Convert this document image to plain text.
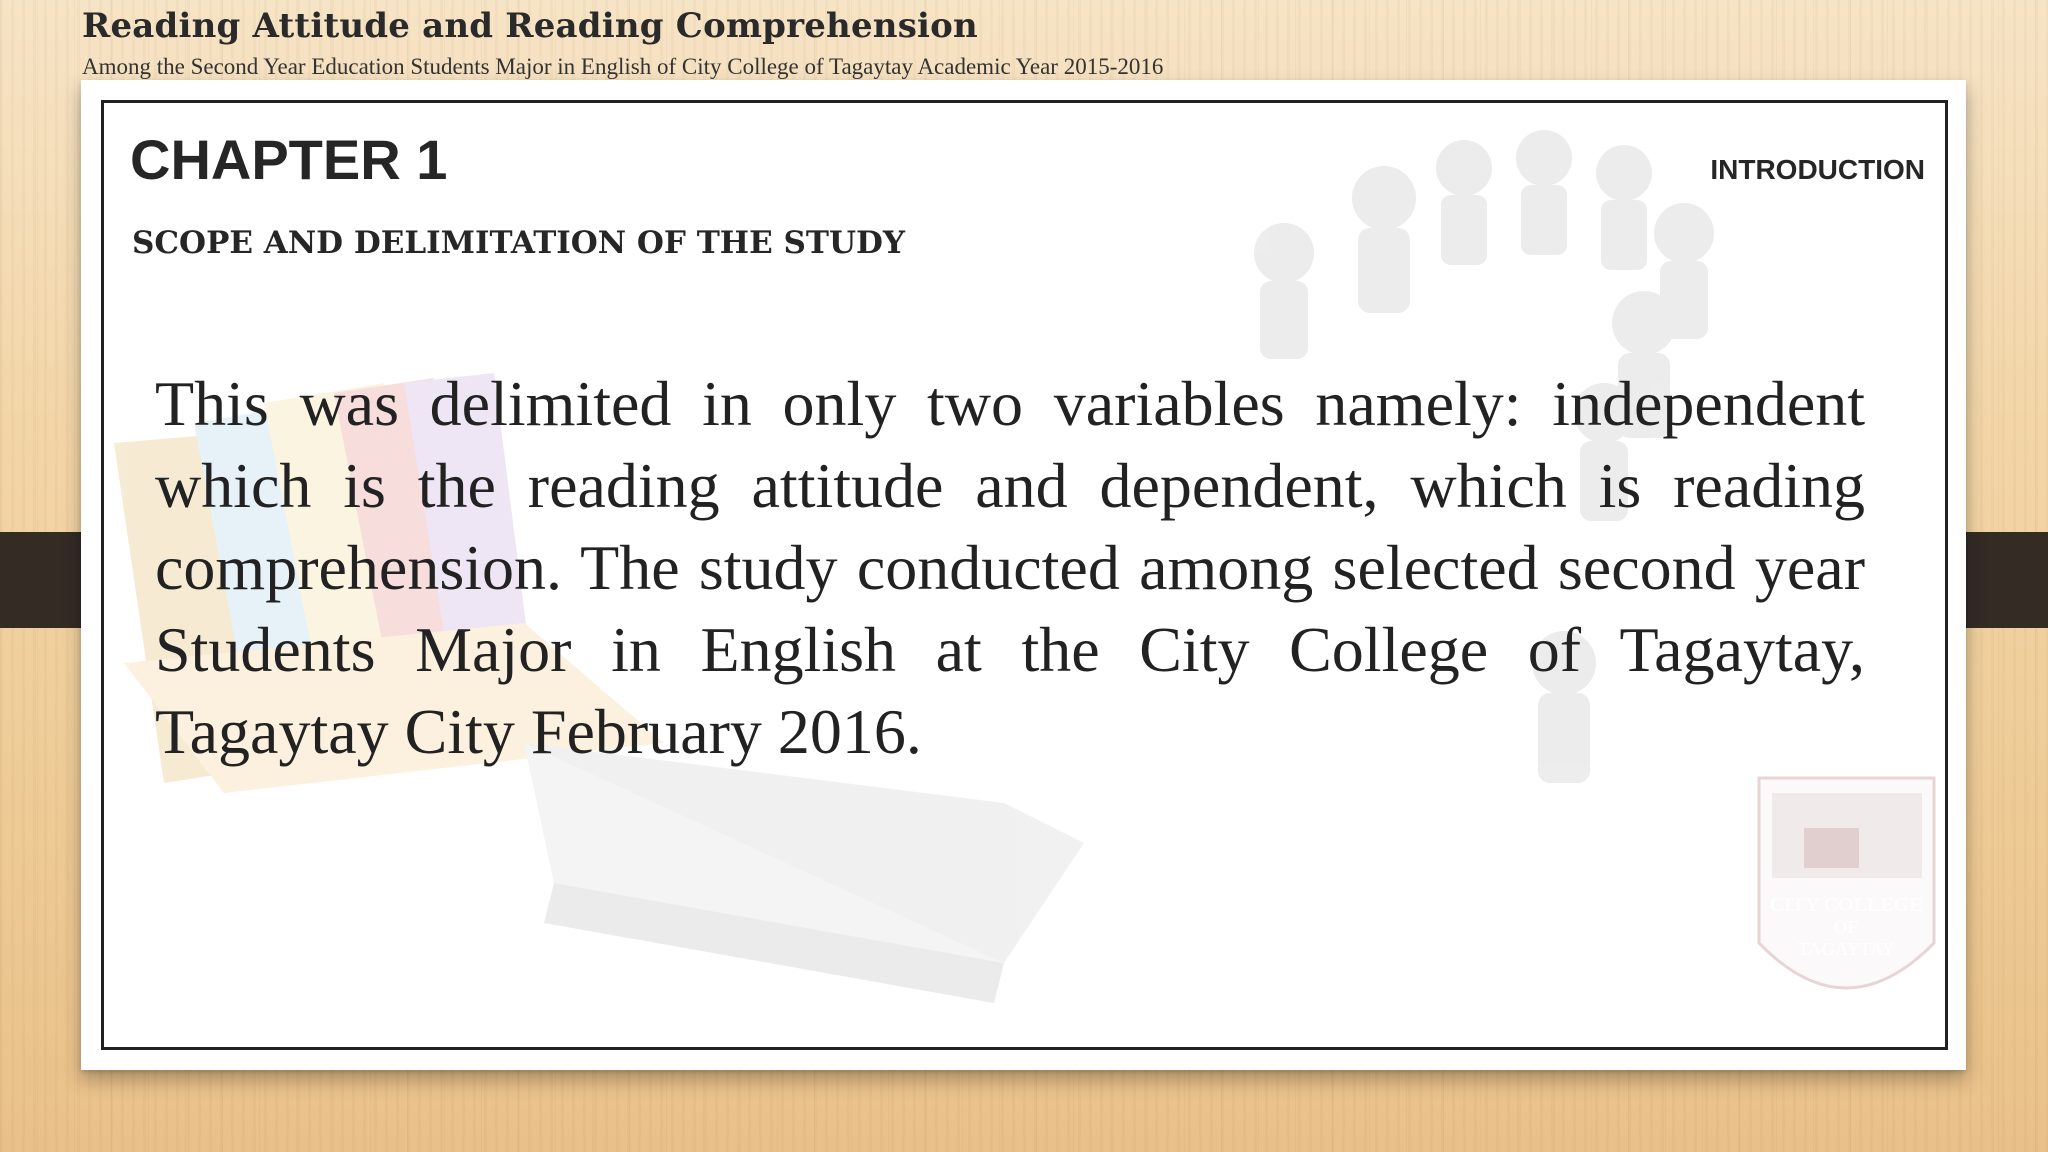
Reading Attitude and Reading Comprehension
Among the Second Year Education Students Major in English of City College of Tagaytay Academic Year 2015-2016
CITY COLLEGE
OF
TAGAYTAY
CHAPTER 1	INTRODUCTION
SCOPE AND DELIMITATION OF THE STUDY
This was delimited in only two variables namely: independent which is the reading attitude and dependent, which is reading comprehension. The study conducted among selected second year Students Major in English at the City College of Tagaytay, Tagaytay City February 2016.
